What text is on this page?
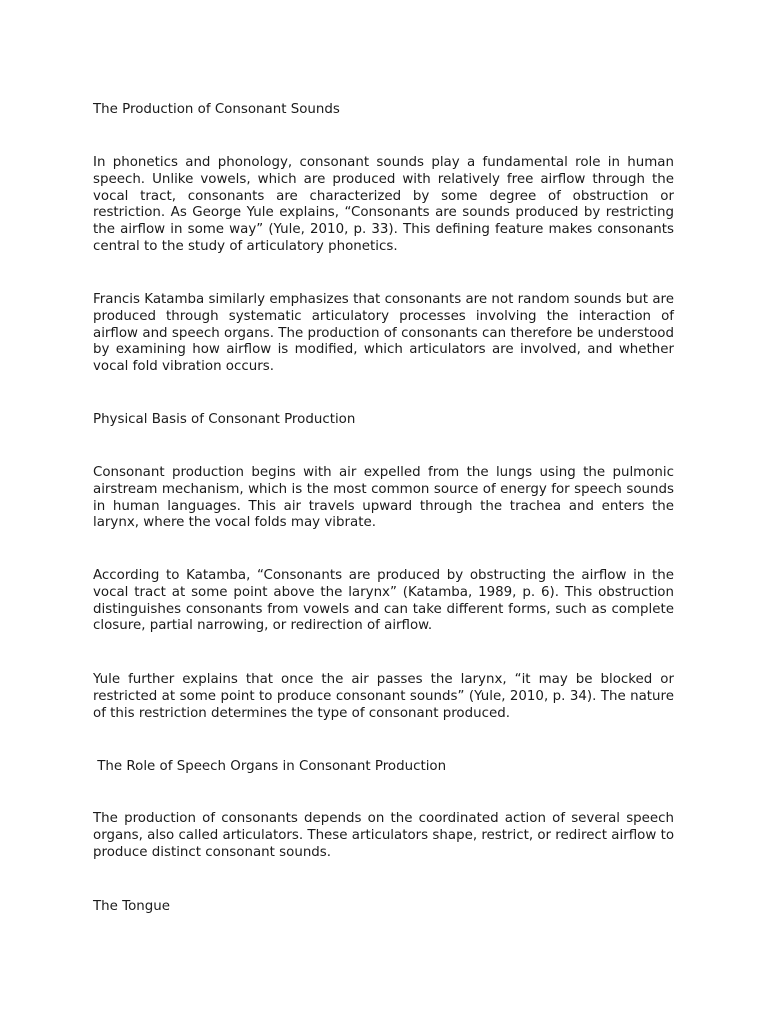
The Production of Consonant Sounds

In phonetics and phonology, consonant sounds play a fundamental role in human speech. Unlike vowels, which are produced with relatively free airflow through the vocal tract, consonants are characterized by some degree of obstruction or restriction. As George Yule explains, “Consonants are sounds produced by restricting the airflow in some way” (Yule, 2010, p. 33). This defining feature makes consonants central to the study of articulatory phonetics.

Francis Katamba similarly emphasizes that consonants are not random sounds but are produced through systematic articulatory processes involving the interaction of airflow and speech organs. The production of consonants can therefore be understood by examining how airflow is modified, which articulators are involved, and whether vocal fold vibration occurs.

Physical Basis of Consonant Production

Consonant production begins with air expelled from the lungs using the pulmonic airstream mechanism, which is the most common source of energy for speech sounds in human languages. This air travels upward through the trachea and enters the larynx, where the vocal folds may vibrate.

According to Katamba, “Consonants are produced by obstructing the airflow in the vocal tract at some point above the larynx” (Katamba, 1989, p. 6). This obstruction distinguishes consonants from vowels and can take different forms, such as complete closure, partial narrowing, or redirection of airflow.

Yule further explains that once the air passes the larynx, “it may be blocked or restricted at some point to produce consonant sounds” (Yule, 2010, p. 34). The nature of this restriction determines the type of consonant produced.

The Role of Speech Organs in Consonant Production

The production of consonants depends on the coordinated action of several speech organs, also called articulators. These articulators shape, restrict, or redirect airflow to produce distinct consonant sounds.

The Tongue
